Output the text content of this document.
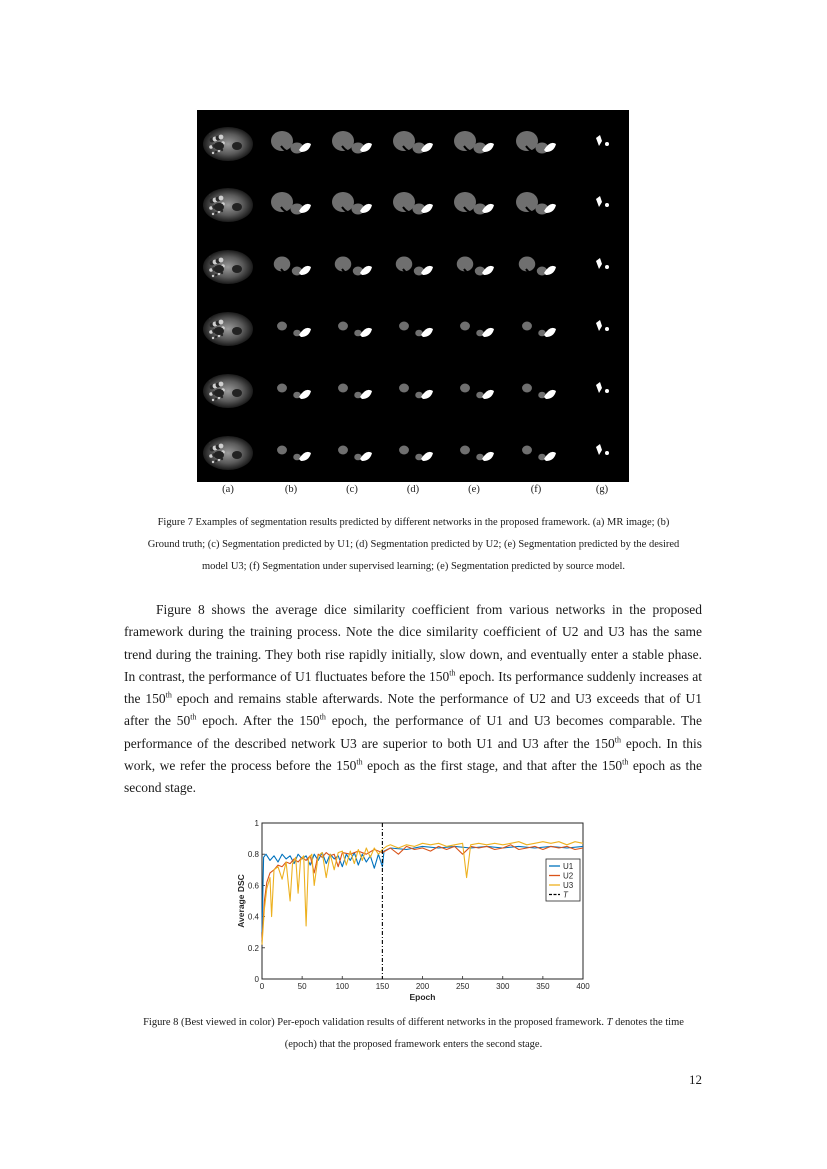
(a)	(b)	(c)	(d)	(e)	(f)	(g)
Figure 7 Examples of segmentation results predicted by different networks in the proposed framework. (a) MR image; (b)
Ground truth; (c) Segmentation predicted by U1; (d) Segmentation predicted by U2; (e) Segmentation predicted by the desired
model U3; (f) Segmentation under supervised learning; (e) Segmentation predicted by source model.
Figure 8 shows the average dice similarity coefficient from various networks in the proposed framework during the training process. Note the dice similarity coefficient of U2 and U3 has the same trend during the training. They both rise rapidly initially, slow down, and eventually enter a stable phase. In contrast, the performance of U1 fluctuates before the 150th epoch. Its performance suddenly increases at the 150th epoch and remains stable afterwards. Note the performance of U2 and U3 exceeds that of U1 after the 50th epoch. After the 150th epoch, the performance of U1 and U3 becomes comparable. The performance of the described network U3 are superior to both U1 and U3 after the 150th epoch. In this work, we refer the process before the 150th epoch as the first stage, and that after the 150th epoch as the second stage.
0	50	100	150	200	250	300	350	400
0
0.2
0.4
0.6
0.8
1
Epoch
Average DSC
U1
U2
U3
T
Figure 8 (Best viewed in color) Per-epoch validation results of different networks in the proposed framework. T denotes the time
(epoch) that the proposed framework enters the second stage.
12
